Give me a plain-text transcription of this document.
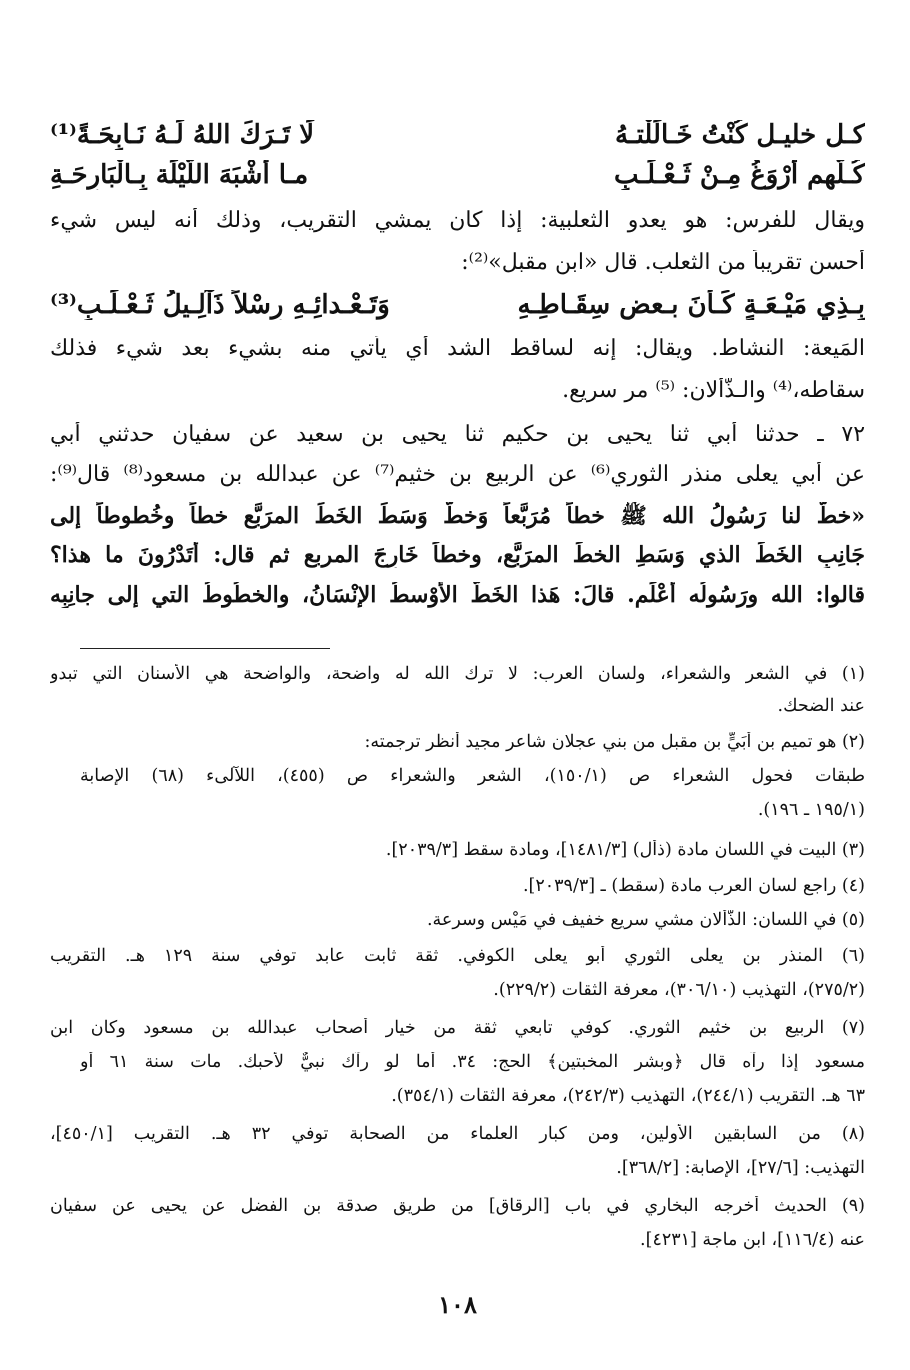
كـل خليـل كُنْتُ خَـالَلْتـهُ
لَا تَـرَكَ اللهُ لَـهُ نَـابِحَـةً⁽¹⁾
كُـلُّهم أَرْوَغُ مِـنْ ثَـعْـلَـبٍ
مـا أَشْبَهَ اللَّيْلَة بِـالْبَارِحَـةِ
ويقال للفرس: هو يعدو الثعلبية: إذا كان يمشي التقريب، وذلك أنه ليس شيء
أحسن تقريباً من الثعلب. قال «ابن مقبل»⁽²⁾:
بِـذِي مَيْـعَـةٍ كَـأنَ بـعض سِقَـاطِـهِ
وَتَـعْـدائِـهِ رِسْلاً ذَآلِـيلُ ثَـعْـلَـبِ⁽³⁾
المَيعة: النشاط. ويقال: إنه لساقط الشد أي يأتي منه بشيء بعد شيء فذلك
سقاطه،⁽⁴⁾ والـذَّألان: ⁽⁵⁾ مر سريع.
٧٢ ـ حدثنا أبي ثنا يحيى بن حكيم ثنا يحيى بن سعيد عن سفيان حدثني أبي
عن أبي يعلى منذر الثوري⁽⁶⁾ عن الربيع بن خثيم⁽⁷⁾ عن عبدالله بن مسعود⁽⁸⁾ قال⁽⁹⁾:
«خطَّ لنا رَسُولُ الله ﷺ خطاً مُرَبَّعاً وَخطَّ وَسَطَ الخَطِّ المرَبَّع خطاً وخُطوطاً إلى
جَانِبِ الخَطِّ الذي وَسَطِ الخطِّ المرَبَّع، وخطاً خَارِجَ المربع ثم قال: أَتَدْرُونَ ما هذا؟
قالوا: الله ورَسُولُه أَعْلَم. قالَ: هَذا الخَطُّ الأَوْسطُ الإِنْسَانُ، والخطُوطُ التي إلى جانِبِه
(١) في الشعر والشعراء، ولسان العرب: لا ترك الله له واضحة، والواضحة هي الأسنان التي تبدو
عند الضحك.
(٢) هو تميم بن أُبَيٍّ بن مقبل من بني عجلان شاعر مجيد أنظر ترجمته:
طبقات فحول الشعراء ص (١٥٠/١)، الشعر والشعراء ص (٤٥٥)، اللآلىء (٦٨) الإصابة
(١٩٥/١ ـ ١٩٦).
(٣) البيت في اللسان مادة (ذأل) [١٤٨١/٣]، ومادة سقط [٢٠٣٩/٣].
(٤) راجع لسان العرب مادة (سقط) ـ [٢٠٣٩/٣].
(٥) في اللسان: الذَّألان مشي سريع خفيف في مَيْس وسرعة.
(٦) المنذر بن يعلى الثوري أبو يعلى الكوفي. ثقة ثابت عابد توفي سنة ١٢٩ هـ. التقريب
(٢٧٥/٢)، التهذيب (٣٠٦/١٠)، معرفة الثقات (٢٢٩/٢).
(٧) الربيع بن خثيم الثوري. كوفي تابعي ثقة من خيار أصحاب عبدالله بن مسعود وكان ابن
مسعود إذا رآه قال ﴿وبشر المخبتين﴾ الحج: ٣٤. أما لو رآك نبيٌّ لأحبك. مات سنة ٦١ أو
٦٣ هـ. التقريب (٢٤٤/١)، التهذيب (٢٤٢/٣)، معرفة الثقات (٣٥٤/١).
(٨) من السابقين الأولين، ومن كبار العلماء من الصحابة توفي ٣٢ هـ. التقريب [٤٥٠/١]،
التهذيب: [٢٧/٦]، الإصابة: [٣٦٨/٢].
(٩) الحديث أخرجه البخاري في باب [الرقاق] من طريق صدقة بن الفضل عن يحيى عن سفيان
عنه (١١٦/٤]، ابن ماجة [٤٢٣١].
١٠٨
